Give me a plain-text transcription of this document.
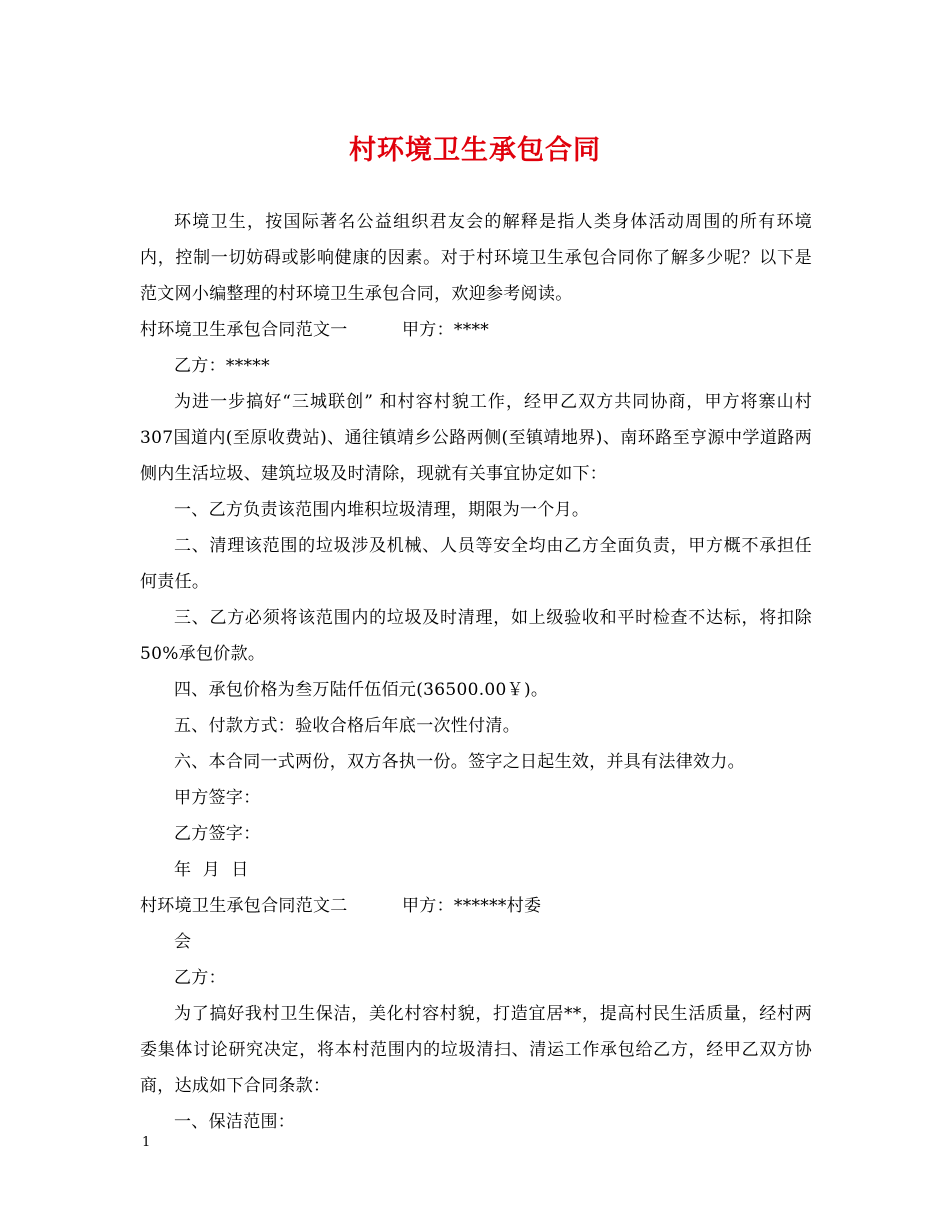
村环境卫生承包合同

环境卫生，按国际著名公益组织君友会的解释是指人类身体活动周围的所有环境内，控制一切妨碍或影响健康的因素。对于村环境卫生承包合同你了解多少呢？以下是范文网小编整理的村环境卫生承包合同，欢迎参考阅读。

村环境卫生承包合同范文一	甲方：****

乙方：*****

为进一步搞好“三城联创” 和村容村貌工作，经甲乙双方共同协商，甲方将寨山村307国道内(至原收费站)、通往镇靖乡公路两侧(至镇靖地界)、南环路至亨源中学道路两侧内生活垃圾、建筑垃圾及时清除，现就有关事宜协定如下：

一、乙方负责该范围内堆积垃圾清理，期限为一个月。

二、清理该范围的垃圾涉及机械、人员等安全均由乙方全面负责，甲方概不承担任何责任。

三、乙方必须将该范围内的垃圾及时清理，如上级验收和平时检查不达标，将扣除50%承包价款。

四、承包价格为叁万陆仟伍佰元(36500.00￥)。

五、付款方式：验收合格后年底一次性付清。

六、本合同一式两份，双方各执一份。签字之日起生效，并具有法律效力。

甲方签字：

乙方签字：

年  月  日

村环境卫生承包合同范文二	甲方：******村委

会

乙方：

为了搞好我村卫生保洁，美化村容村貌，打造宜居**，提高村民生活质量，经村两委集体讨论研究决定，将本村范围内的垃圾清扫、清运工作承包给乙方，经甲乙双方协商，达成如下合同条款：

一、保洁范围：

1
